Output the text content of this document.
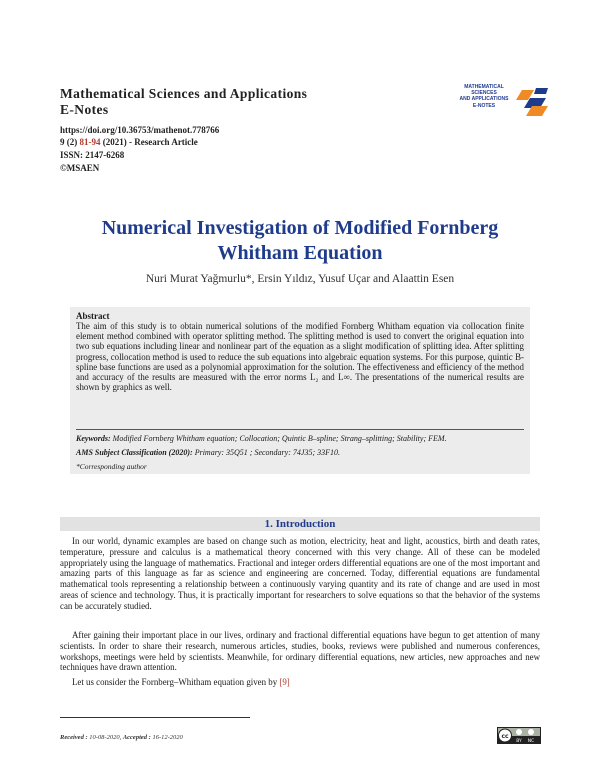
Mathematical Sciences and Applications
E-Notes
https://doi.org/10.36753/mathenot.778766
9 (2) 81-94 (2021) - Research Article
ISSN: 2147-6268
©MSAEN
MATHEMATICAL
SCIENCES
AND APPLICATIONS
E-NOTES
Numerical Investigation of Modified Fornberg Whitham Equation
Nuri Murat Yağmurlu*, Ersin Yıldız, Yusuf Uçar and Alaattin Esen
Abstract
The aim of this study is to obtain numerical solutions of the modified Fornberg Whitham equation via collocation finite element method combined with operator splitting method. The splitting method is used to convert the original equation into two sub equations including linear and nonlinear part of the equation as a slight modification of splitting idea. After splitting progress, collocation method is used to reduce the sub equations into algebraic equation systems. For this purpose, quintic B-spline base functions are used as a polynomial approximation for the solution. The effectiveness and efficiency of the method and accuracy of the results are measured with the error norms L₂ and L∞. The presentations of the numerical results are shown by graphics as well.
Keywords: Modified Fornberg Whitham equation; Collocation; Quintic B–spline; Strang–splitting; Stability; FEM.
AMS Subject Classification (2020): Primary: 35Q51 ; Secondary: 74J35; 33F10.
*Corresponding author
1. Introduction
In our world, dynamic examples are based on change such as motion, electricity, heat and light, acoustics, birth and death rates, temperature, pressure and calculus is a mathematical theory concerned with this very change. All of these can be modeled appropriately using the language of mathematics. Fractional and integer orders differential equations are one of the most important and amazing parts of this language as far as science and engineering are concerned. Today, differential equations are fundamental mathematical tools representing a relationship between a continuously varying quantity and its rate of change and are used in most areas of science and technology. Thus, it is practically important for researchers to solve equations so that the behavior of the systems can be accurately studied.
After gaining their important place in our lives, ordinary and fractional differential equations have begun to get attention of many scientists. In order to share their research, numerous articles, studies, books, reviews were published and numerous conferences, workshops, meetings were held by scientists. Meanwhile, for ordinary differential equations, new articles, new approaches and new techniques have drawn attention.
Let us consider the Fornberg–Whitham equation given by [9]
Received : 10-08-2020, Accepted : 16-12-2020	cc
BY NC
